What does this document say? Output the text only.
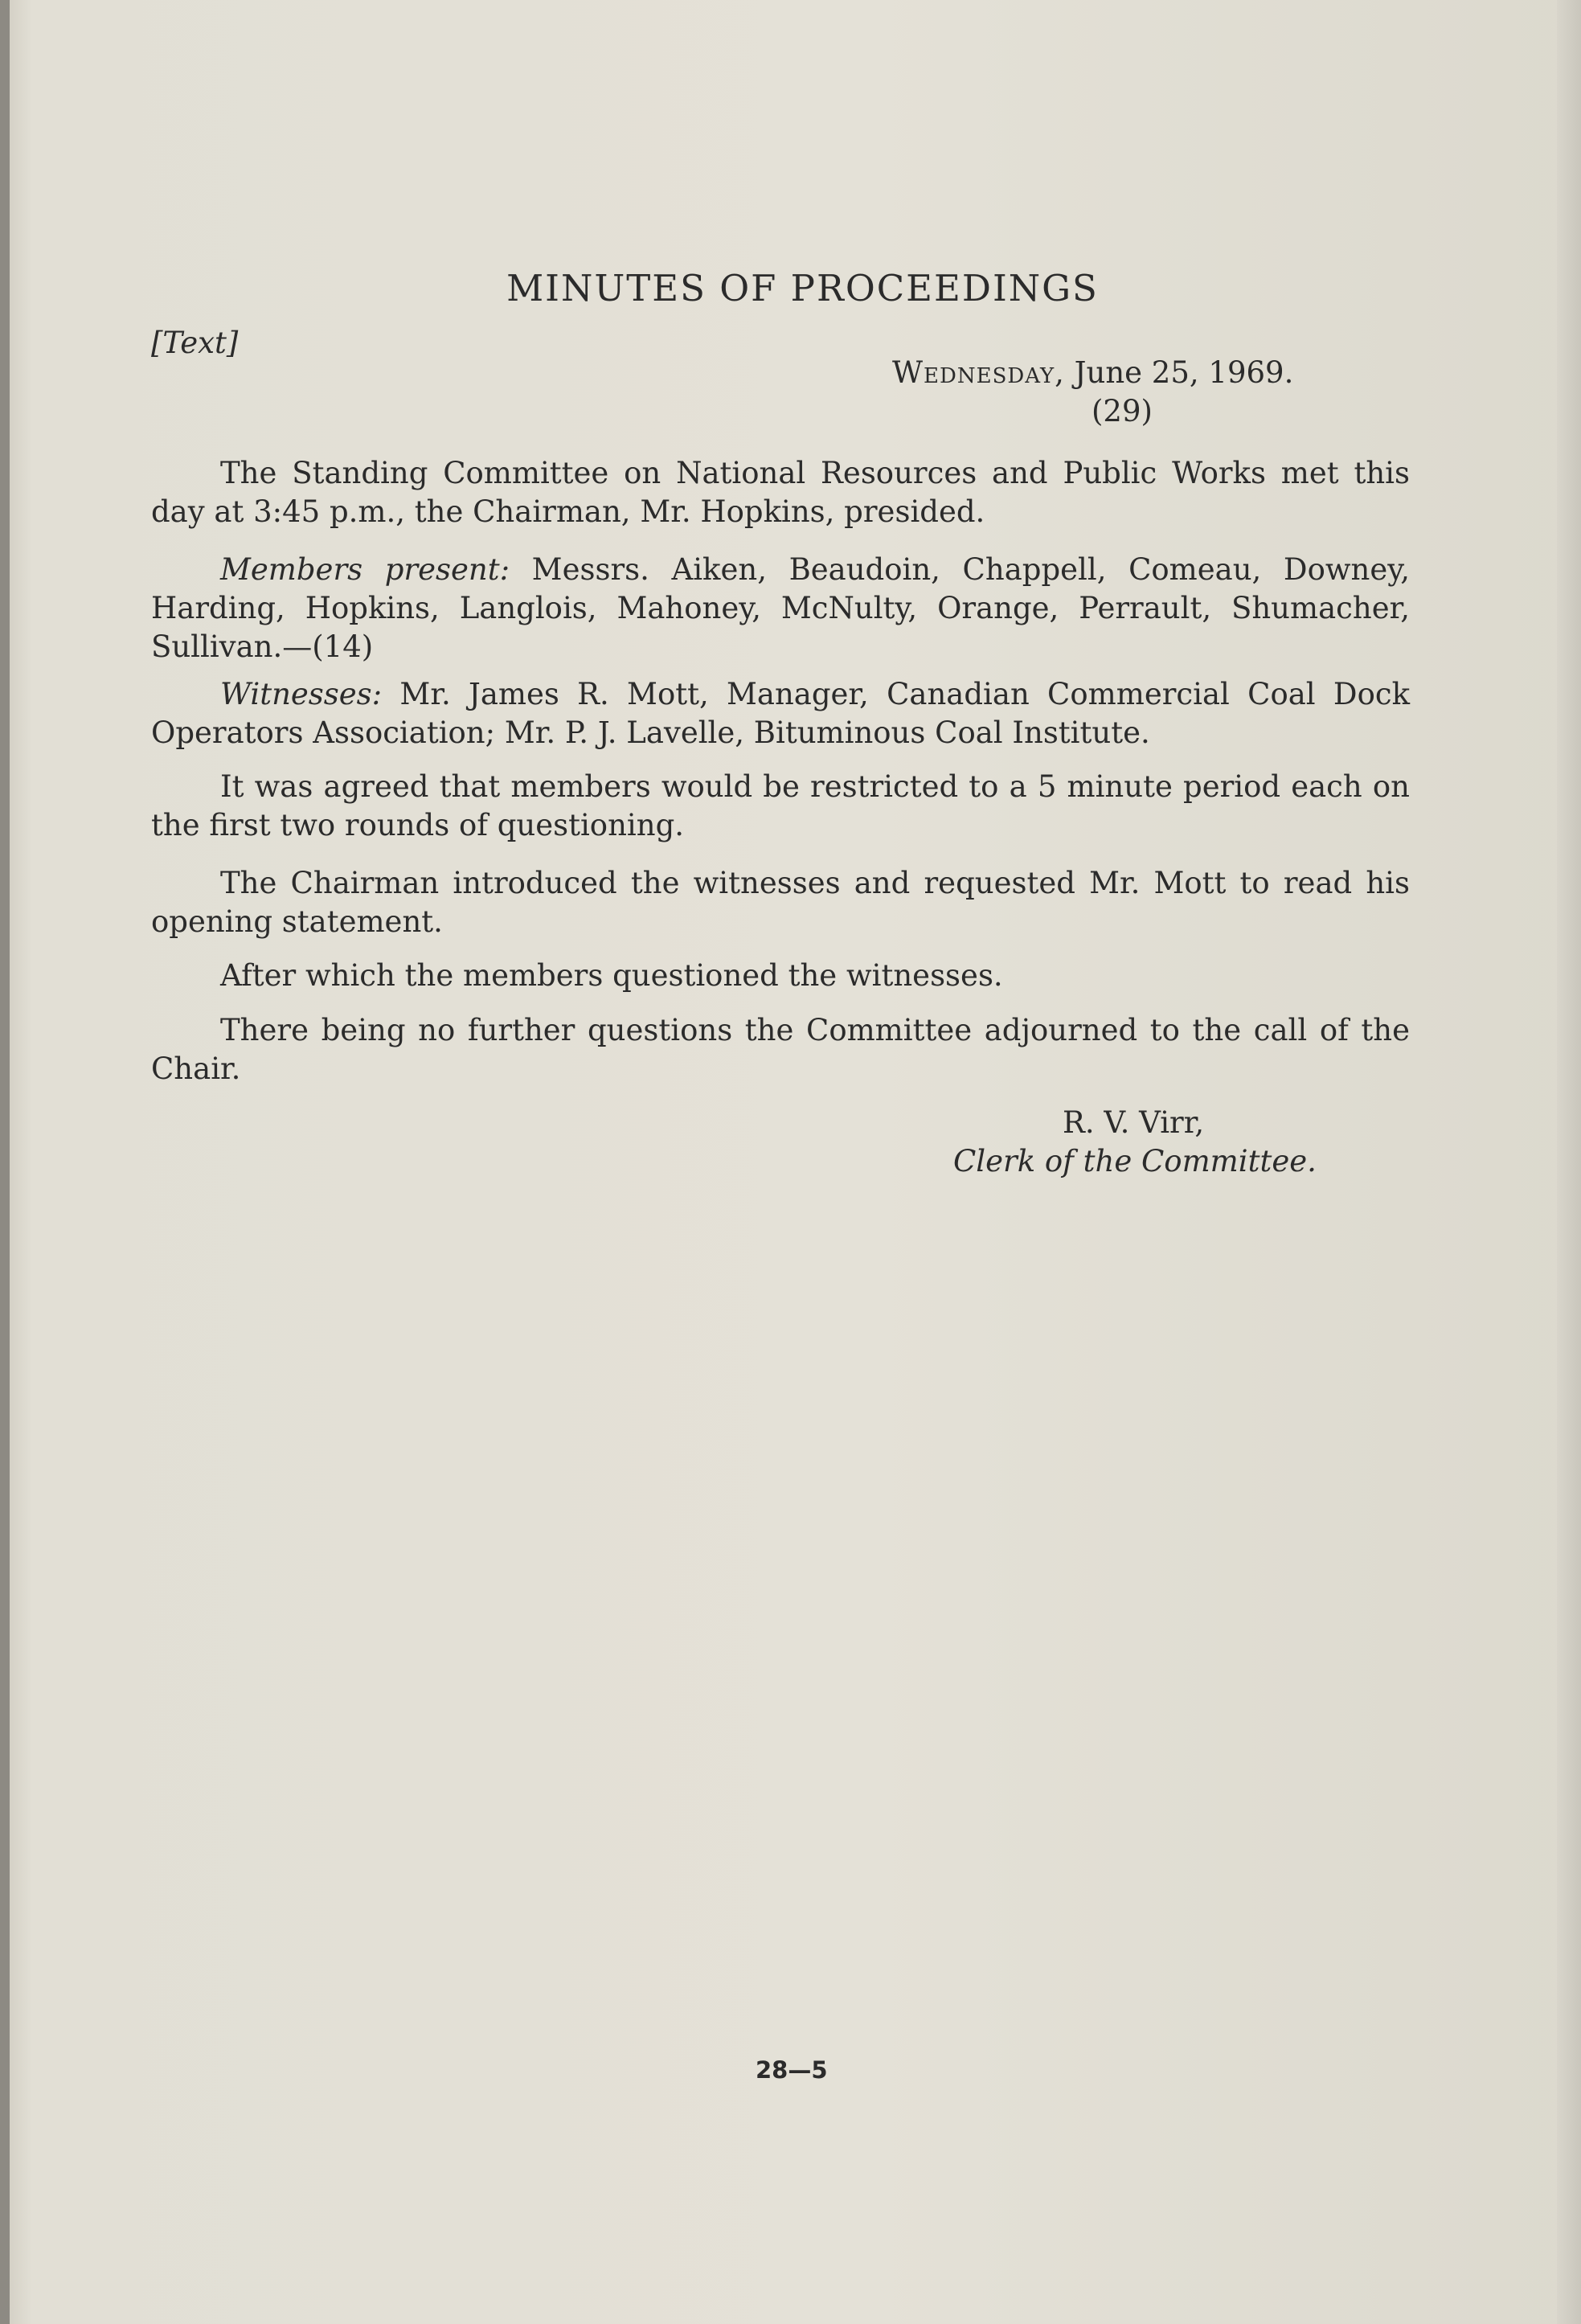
MINUTES OF PROCEEDINGS
[Text]
Wednesday, June 25, 1969.
(29)

The Standing Committee on National Resources and Public Works met this day at 3:45 p.m., the Chairman, Mr. Hopkins, presided.

Members present: Messrs. Aiken, Beaudoin, Chappell, Comeau, Downey, Harding, Hopkins, Langlois, Mahoney, McNulty, Orange, Perrault, Shumacher, Sullivan.—(14)

Witnesses: Mr. James R. Mott, Manager, Canadian Commercial Coal Dock Operators Association; Mr. P. J. Lavelle, Bituminous Coal Institute.

It was agreed that members would be restricted to a 5 minute period each on the first two rounds of questioning.

The Chairman introduced the witnesses and requested Mr. Mott to read his opening statement.

After which the members questioned the witnesses.

There being no further questions the Committee adjourned to the call of the Chair.

R. V. Virr,
Clerk of the Committee.
28—5
